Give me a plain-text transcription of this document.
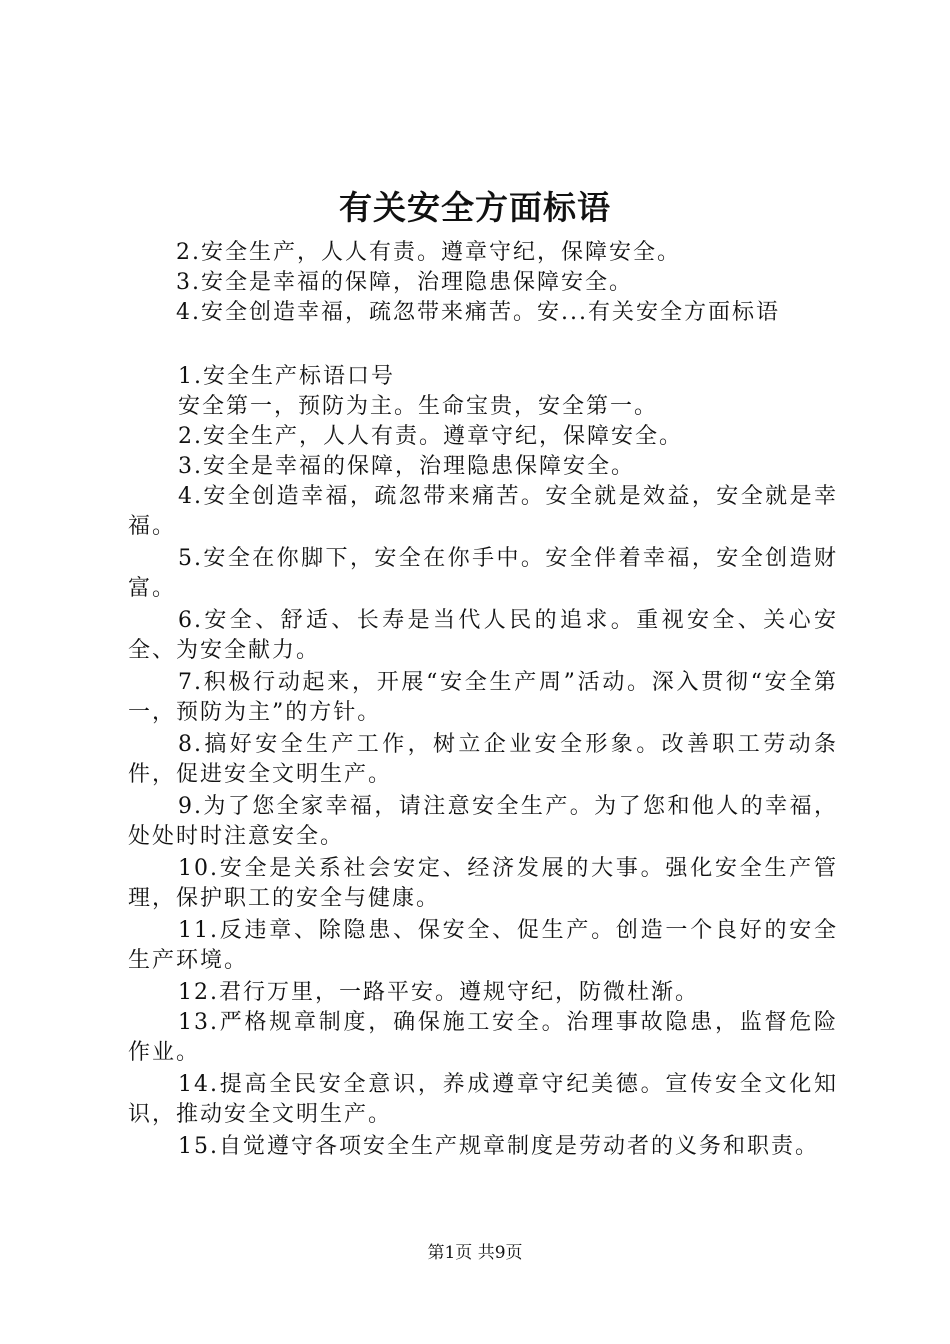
有关安全方面标语
2.安全生产，人人有责。遵章守纪，保障安全。
3.安全是幸福的保障，治理隐患保障安全。
4.安全创造幸福，疏忽带来痛苦。安...有关安全方面标语

1.安全生产标语口号

安全第一，预防为主。生命宝贵，安全第一。

2.安全生产，人人有责。遵章守纪，保障安全。

3.安全是幸福的保障，治理隐患保障安全。

4.安全创造幸福，疏忽带来痛苦。安全就是效益，安全就是幸福。

5.安全在你脚下，安全在你手中。安全伴着幸福，安全创造财富。

6.安全、舒适、长寿是当代人民的追求。重视安全、关心安全、为安全献力。

7.积极行动起来，开展“安全生产周”活动。深入贯彻“安全第一，预防为主”的方针。

8.搞好安全生产工作，树立企业安全形象。改善职工劳动条件，促进安全文明生产。

9.为了您全家幸福，请注意安全生产。为了您和他人的幸福，处处时时注意安全。

10.安全是关系社会安定、经济发展的大事。强化安全生产管理，保护职工的安全与健康。

11.反违章、除隐患、保安全、促生产。创造一个良好的安全生产环境。

12.君行万里，一路平安。遵规守纪，防微杜渐。

13.严格规章制度，确保施工安全。治理事故隐患，监督危险作业。

14.提高全民安全意识，养成遵章守纪美德。宣传安全文化知识，推动安全文明生产。

15.自觉遵守各项安全生产规章制度是劳动者的义务和职责。

第1页 共9页
